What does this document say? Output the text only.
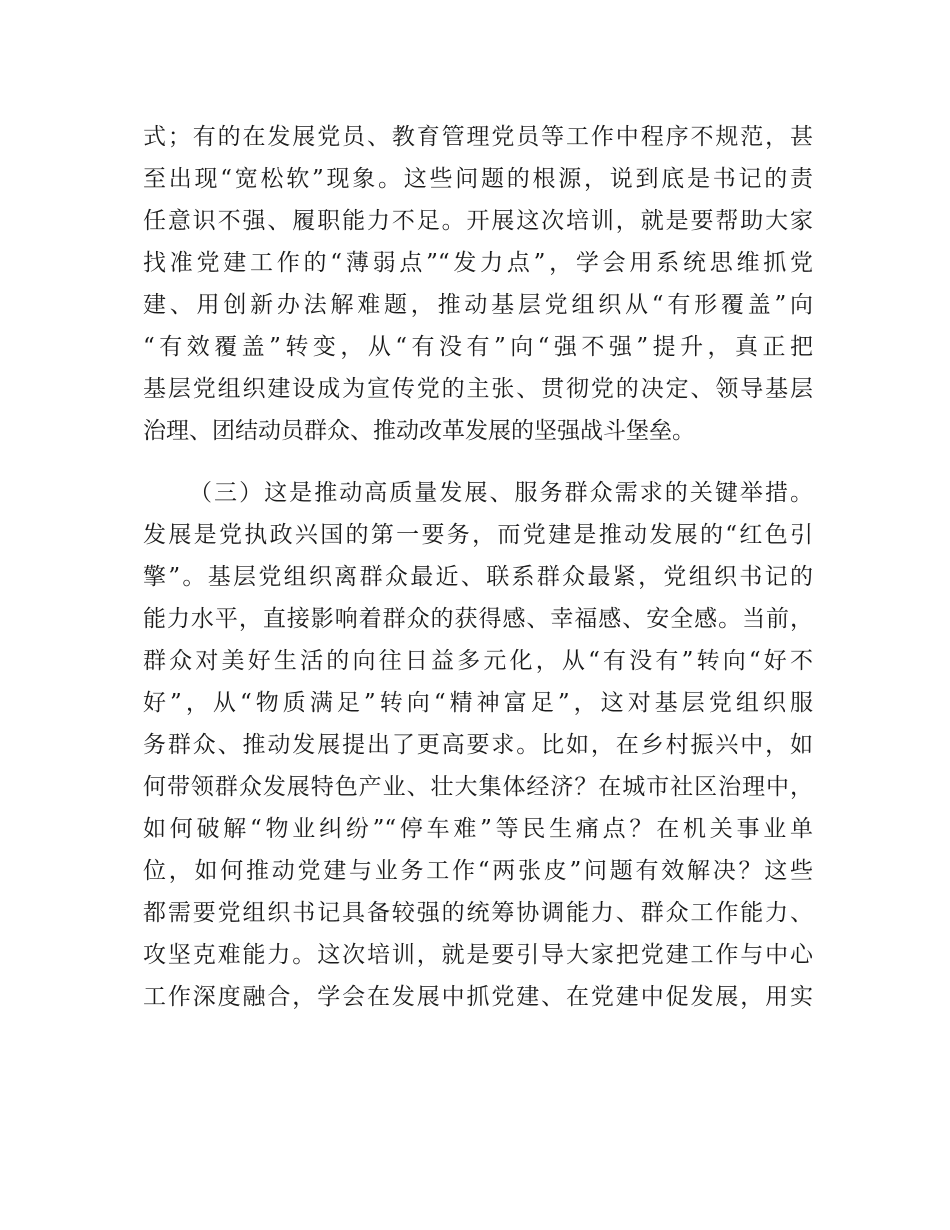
式；有的在发展党员、教育管理党员等工作中程序不规范，甚
至出现“宽松软”现象。这些问题的根源，说到底是书记的责
任意识不强、履职能力不足。开展这次培训，就是要帮助大家
找准党建工作的“薄弱点”“发力点”，学会用系统思维抓党
建、用创新办法解难题，推动基层党组织从“有形覆盖”向
“有效覆盖”转变，从“有没有”向“强不强”提升，真正把
基层党组织建设成为宣传党的主张、贯彻党的决定、领导基层
治理、团结动员群众、推动改革发展的坚强战斗堡垒。
（三）这是推动高质量发展、服务群众需求的关键举措。
发展是党执政兴国的第一要务，而党建是推动发展的“红色引
擎”。基层党组织离群众最近、联系群众最紧，党组织书记的
能力水平，直接影响着群众的获得感、幸福感、安全感。当前，
群众对美好生活的向往日益多元化，从“有没有”转向“好不
好”，从“物质满足”转向“精神富足”，这对基层党组织服
务群众、推动发展提出了更高要求。比如，在乡村振兴中，如
何带领群众发展特色产业、壮大集体经济？在城市社区治理中，
如何破解“物业纠纷”“停车难”等民生痛点？在机关事业单
位，如何推动党建与业务工作“两张皮”问题有效解决？这些
都需要党组织书记具备较强的统筹协调能力、群众工作能力、
攻坚克难能力。这次培训，就是要引导大家把党建工作与中心
工作深度融合，学会在发展中抓党建、在党建中促发展，用实
